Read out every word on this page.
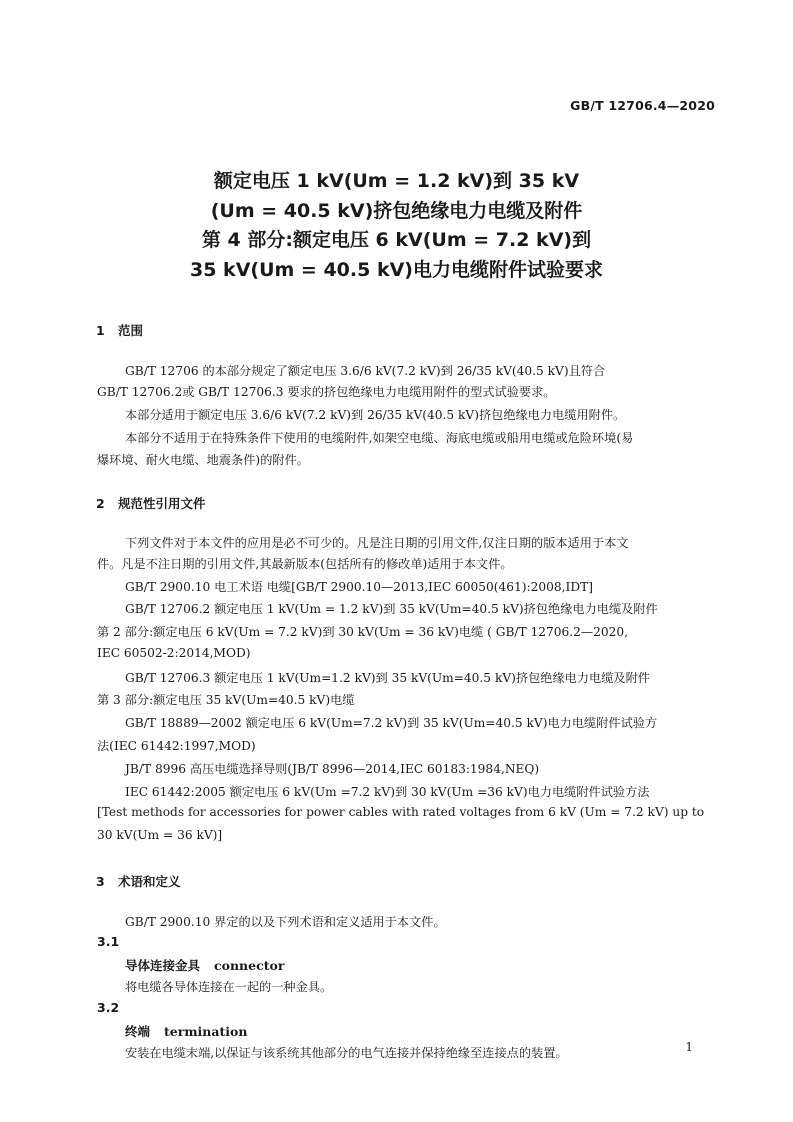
GB/T 12706.4—2020
额定电压 1 kV(Um = 1.2 kV)到 35 kV
(Um = 40.5 kV)挤包绝缘电力电缆及附件
第 4 部分:额定电压 6 kV(Um = 7.2 kV)到
35 kV(Um = 40.5 kV)电力电缆附件试验要求
1 范围
GB/T 12706 的本部分规定了额定电压 3.6/6 kV(7.2 kV)到 26/35 kV(40.5 kV)且符合
GB/T 12706.2或 GB/T 12706.3 要求的挤包绝缘电力电缆用附件的型式试验要求。
本部分适用于额定电压 3.6/6 kV(7.2 kV)到 26/35 kV(40.5 kV)挤包绝缘电力电缆用附件。
本部分不适用于在特殊条件下使用的电缆附件,如架空电缆、海底电缆或船用电缆或危险环境(易
爆环境、耐火电缆、地震条件)的附件。
2 规范性引用文件
下列文件对于本文件的应用是必不可少的。凡是注日期的引用文件,仅注日期的版本适用于本文
件。凡是不注日期的引用文件,其最新版本(包括所有的修改单)适用于本文件。
GB/T 2900.10 电工术语 电缆[GB/T 2900.10—2013,IEC 60050(461):2008,IDT]
GB/T 12706.2 额定电压 1 kV(Um = 1.2 kV)到 35 kV(Um=40.5 kV)挤包绝缘电力电缆及附件
第 2 部分:额定电压 6 kV(Um = 7.2 kV)到 30 kV(Um = 36 kV)电缆 ( GB/T 12706.2—2020,
IEC 60502-2:2014,MOD)
GB/T 12706.3 额定电压 1 kV(Um=1.2 kV)到 35 kV(Um=40.5 kV)挤包绝缘电力电缆及附件
第 3 部分:额定电压 35 kV(Um=40.5 kV)电缆
GB/T 18889—2002 额定电压 6 kV(Um=7.2 kV)到 35 kV(Um=40.5 kV)电力电缆附件试验方
法(IEC 61442:1997,MOD)
JB/T 8996 高压电缆选择导则(JB/T 8996—2014,IEC 60183:1984,NEQ)
IEC 61442:2005 额定电压 6 kV(Um =7.2 kV)到 30 kV(Um =36 kV)电力电缆附件试验方法
[Test methods for accessories for power cables with rated voltages from 6 kV (Um = 7.2 kV) up to
30 kV(Um = 36 kV)]
3 术语和定义
GB/T 2900.10 界定的以及下列术语和定义适用于本文件。
3.1
导体连接金具 connector
将电缆各导体连接在一起的一种金具。
3.2
终端 termination
安装在电缆末端,以保证与该系统其他部分的电气连接并保持绝缘至连接点的装置。	1
